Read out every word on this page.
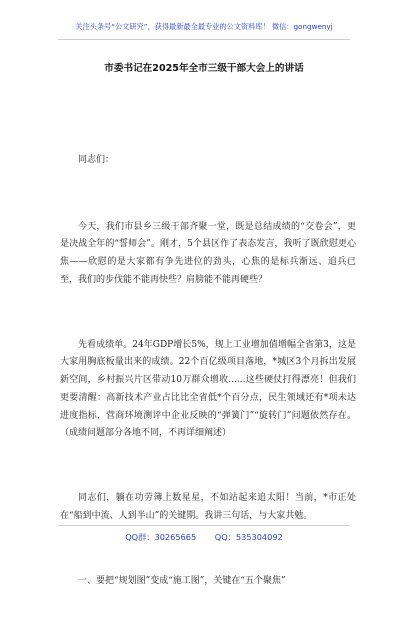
关注头条号“公文研究”，获得最新最全最专业的公文资料库！ 微信：gongwenyj
市委书记在2025年全市三级干部大会上的讲话

同志们：

今天，我们市县乡三级干部齐聚一堂，既是总结成绩的“交卷会”，更是决战全年的“誓师会”。刚才，5个县区作了表态发言，我听了既欣慰更心焦——欣慰的是大家都有争先进位的劲头，心焦的是标兵渐远、追兵已至，我们的步伐能不能再快些？肩膀能不能再硬些？

先看成绩单。24年GDP增长5%，规上工业增加值增幅全省第3，这是大家用胸底板量出来的成绩。22个百亿级项目落地，*城区3个月拆出发展新空间，乡村振兴片区带动10万群众增收......这些硬仗打得漂亮！但我们更要清醒：高新技术产业占比比全省低*个百分点，民生领域还有*项未达进度指标，营商环境测评中企业反映的“弹簧门”“旋转门”问题依然存在。（成绩问题部分各地不同，不再详细阐述）

同志们，躺在功劳簿上数星星，不如站起来追太阳！当前，*市正处在“船到中流、人到半山”的关键期。我讲三句话，与大家共勉。

一、要把“规划图”变成“施工图”，关键在“五个聚焦”

QQ群：30265665 QQ：535304092
